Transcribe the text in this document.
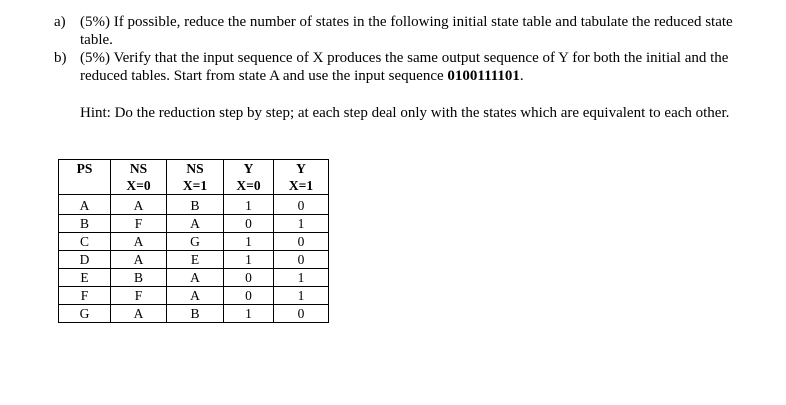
a) (5%) If possible, reduce the number of states in the following initial state table and tabulate the reduced state table.
b) (5%) Verify that the input sequence of X produces the same output sequence of Y for both the initial and the reduced tables. Start from state A and use the input sequence 0100111101.
Hint: Do the reduction step by step; at each step deal only with the states which are equivalent to each other.
PS	NS	NS	Y	Y
	X=0	X=1	X=0	X=1
A	A	B	1	0
B	F	A	0	1
C	A	G	1	0
D	A	E	1	0
E	B	A	0	1
F	F	A	0	1
G	A	B	1	0
